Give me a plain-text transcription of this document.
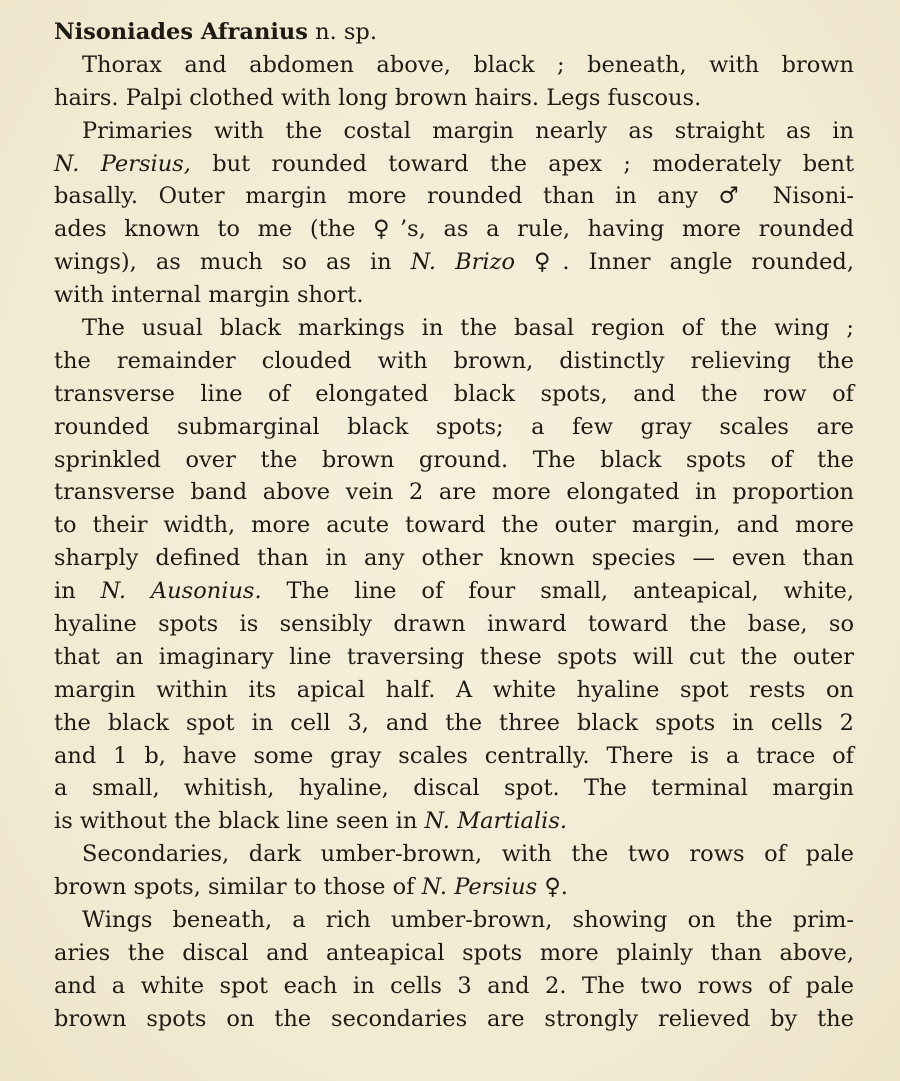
Nisoniades Afranius n. sp.
Thorax and abdomen above, black ; beneath, with brown
hairs. Palpi clothed with long brown hairs. Legs fuscous.
Primaries with the costal margin nearly as straight as in
N. Persius, but rounded toward the apex ; moderately bent
basally. Outer margin more rounded than in any ♂ Nisoni-
ades known to me (the ♀’s, as a rule, having more rounded
wings), as much so as in N. Brizo ♀. Inner angle rounded,
with internal margin short.
The usual black markings in the basal region of the wing ;
the remainder clouded with brown, distinctly relieving the
transverse line of elongated black spots, and the row of
rounded submarginal black spots; a few gray scales are
sprinkled over the brown ground. The black spots of the
transverse band above vein 2 are more elongated in proportion
to their width, more acute toward the outer margin, and more
sharply defined than in any other known species — even than
in N. Ausonius. The line of four small, anteapical, white,
hyaline spots is sensibly drawn inward toward the base, so
that an imaginary line traversing these spots will cut the outer
margin within its apical half. A white hyaline spot rests on
the black spot in cell 3, and the three black spots in cells 2
and 1 b, have some gray scales centrally. There is a trace of
a small, whitish, hyaline, discal spot. The terminal margin
is without the black line seen in N. Martialis.
Secondaries, dark umber-brown, with the two rows of pale
brown spots, similar to those of N. Persius ♀.
Wings beneath, a rich umber-brown, showing on the prim-
aries the discal and anteapical spots more plainly than above,
and a white spot each in cells 3 and 2. The two rows of pale
brown spots on the secondaries are strongly relieved by the
